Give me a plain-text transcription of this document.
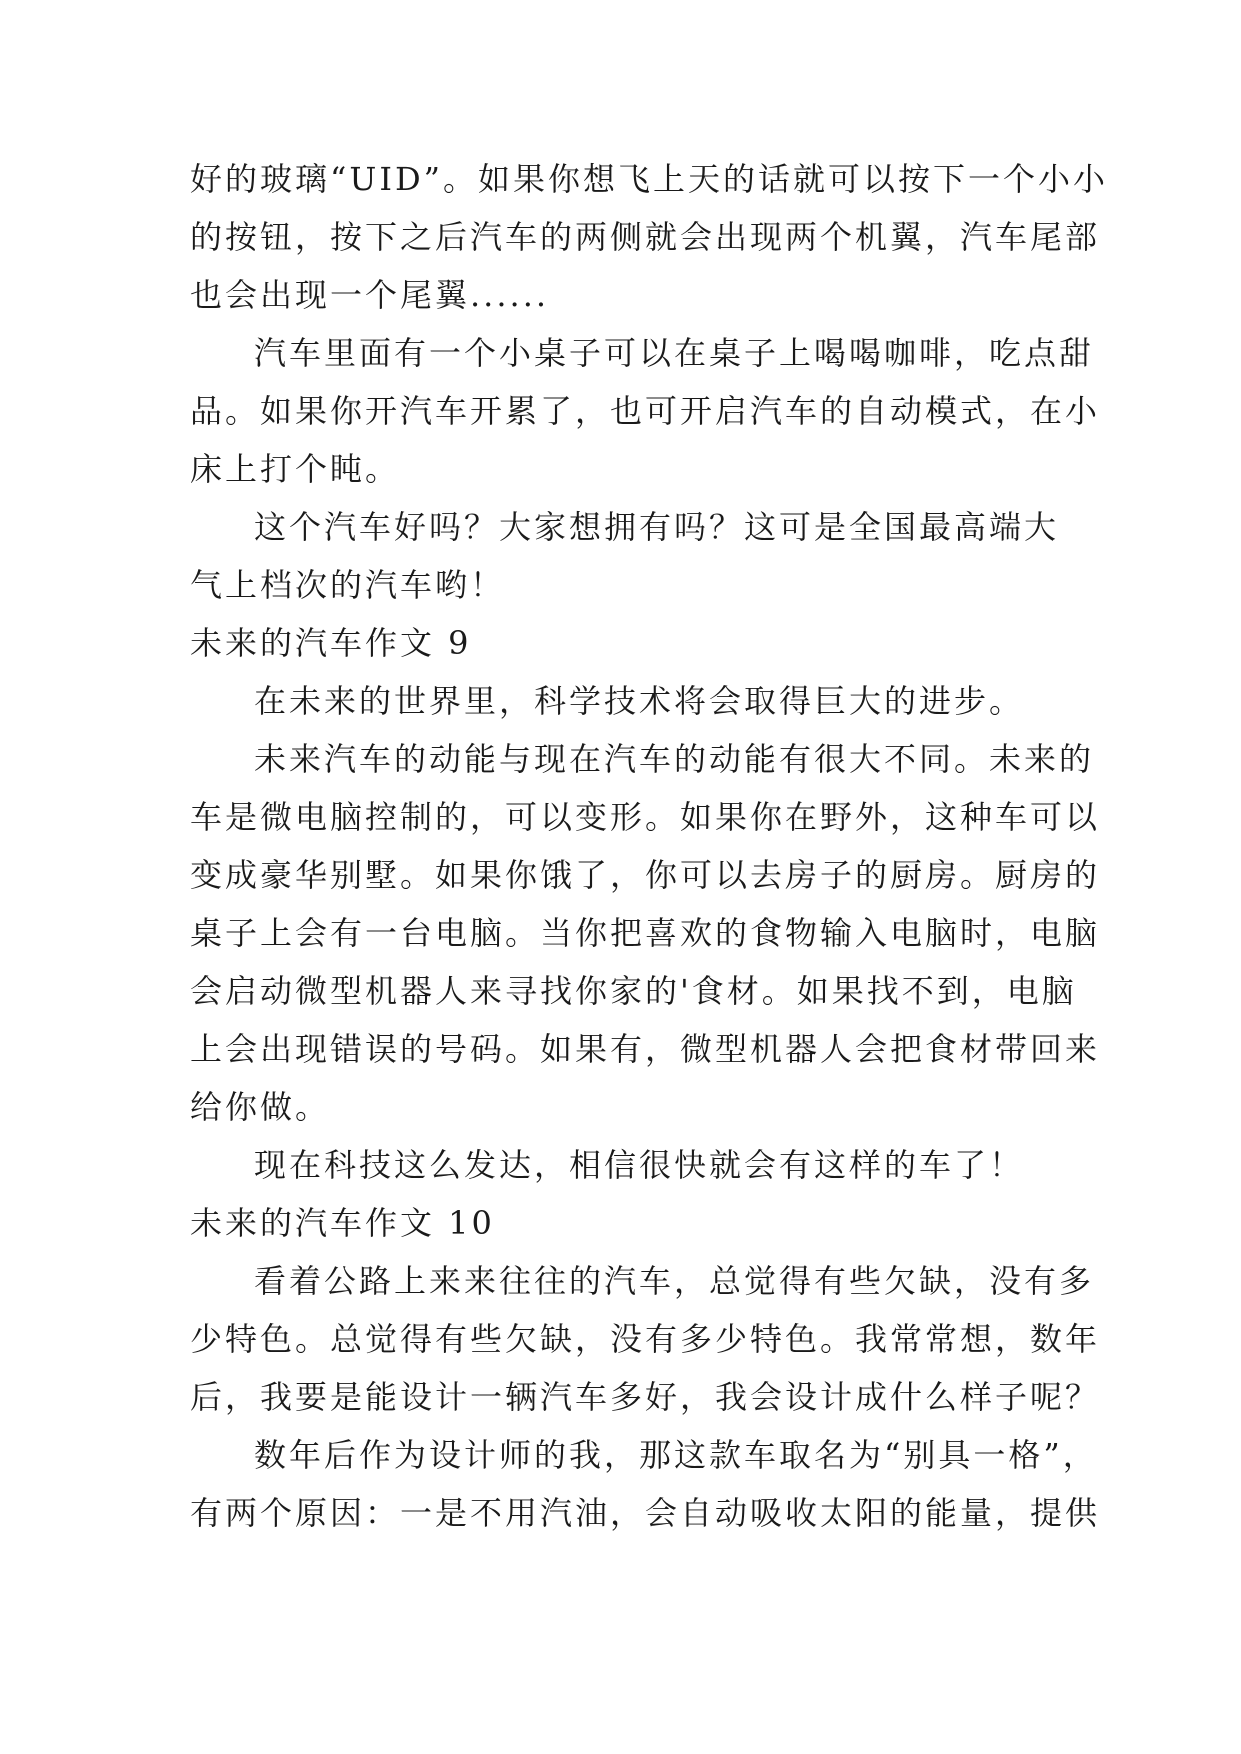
好的玻璃“UID”。如果你想飞上天的话就可以按下一个小小
的按钮，按下之后汽车的两侧就会出现两个机翼，汽车尾部
也会出现一个尾翼......
汽车里面有一个小桌子可以在桌子上喝喝咖啡，吃点甜
品。如果你开汽车开累了，也可开启汽车的自动模式，在小
床上打个盹。
这个汽车好吗？大家想拥有吗？这可是全国最高端大
气上档次的汽车哟！
未来的汽车作文 9
在未来的世界里，科学技术将会取得巨大的进步。
未来汽车的动能与现在汽车的动能有很大不同。未来的
车是微电脑控制的，可以变形。如果你在野外，这种车可以
变成豪华别墅。如果你饿了，你可以去房子的厨房。厨房的
桌子上会有一台电脑。当你把喜欢的食物输入电脑时，电脑
会启动微型机器人来寻找你家的'食材。如果找不到，电脑
上会出现错误的号码。如果有，微型机器人会把食材带回来
给你做。
现在科技这么发达，相信很快就会有这样的车了！
未来的汽车作文 10
看着公路上来来往往的汽车，总觉得有些欠缺，没有多
少特色。总觉得有些欠缺，没有多少特色。我常常想，数年
后，我要是能设计一辆汽车多好，我会设计成什么样子呢？
数年后作为设计师的我，那这款车取名为“别具一格”，
有两个原因：一是不用汽油，会自动吸收太阳的能量，提供
